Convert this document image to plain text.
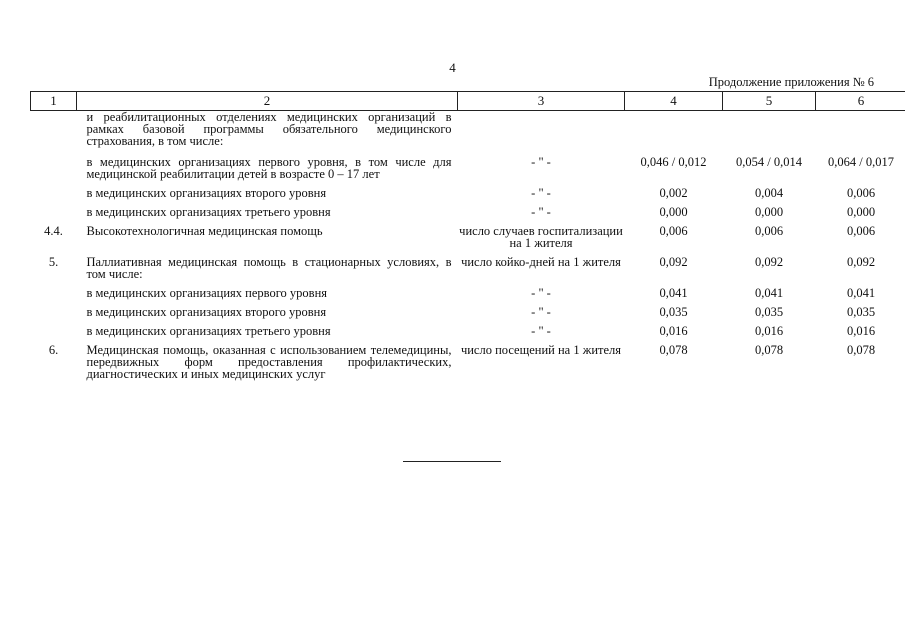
4
Продолжение приложения № 6
1	2	3	4	5	6
	и реабилитационных отделениях медицинских организаций в рамках базовой программы обязательного медицинского страхования, в том числе:				
	в медицинских организациях первого уровня, в том числе для медицинской реабилитации детей в возрасте 0 – 17 лет	- " -	0,046 / 0,012	0,054 / 0,014	0,064 / 0,017
	в медицинских организациях второго уровня	- " -	0,002	0,004	0,006
	в медицинских организациях третьего уровня	- " -	0,000	0,000	0,000
4.4.	Высокотехнологичная медицинская помощь	число случаев госпитализации на 1 жителя	0,006	0,006	0,006
5.	Паллиативная медицинская помощь в стационарных условиях, в том числе:	число койко-дней на 1 жителя	0,092	0,092	0,092
	в медицинских организациях первого уровня	- " -	0,041	0,041	0,041
	в медицинских организациях второго уровня	- " -	0,035	0,035	0,035
	в медицинских организациях третьего уровня	- " -	0,016	0,016	0,016
6.	Медицинская помощь, оказанная с использованием телемедицины, передвижных форм предоставления профилактических, диагностических и иных медицинских услуг	число посещений на 1 жителя	0,078	0,078	0,078
